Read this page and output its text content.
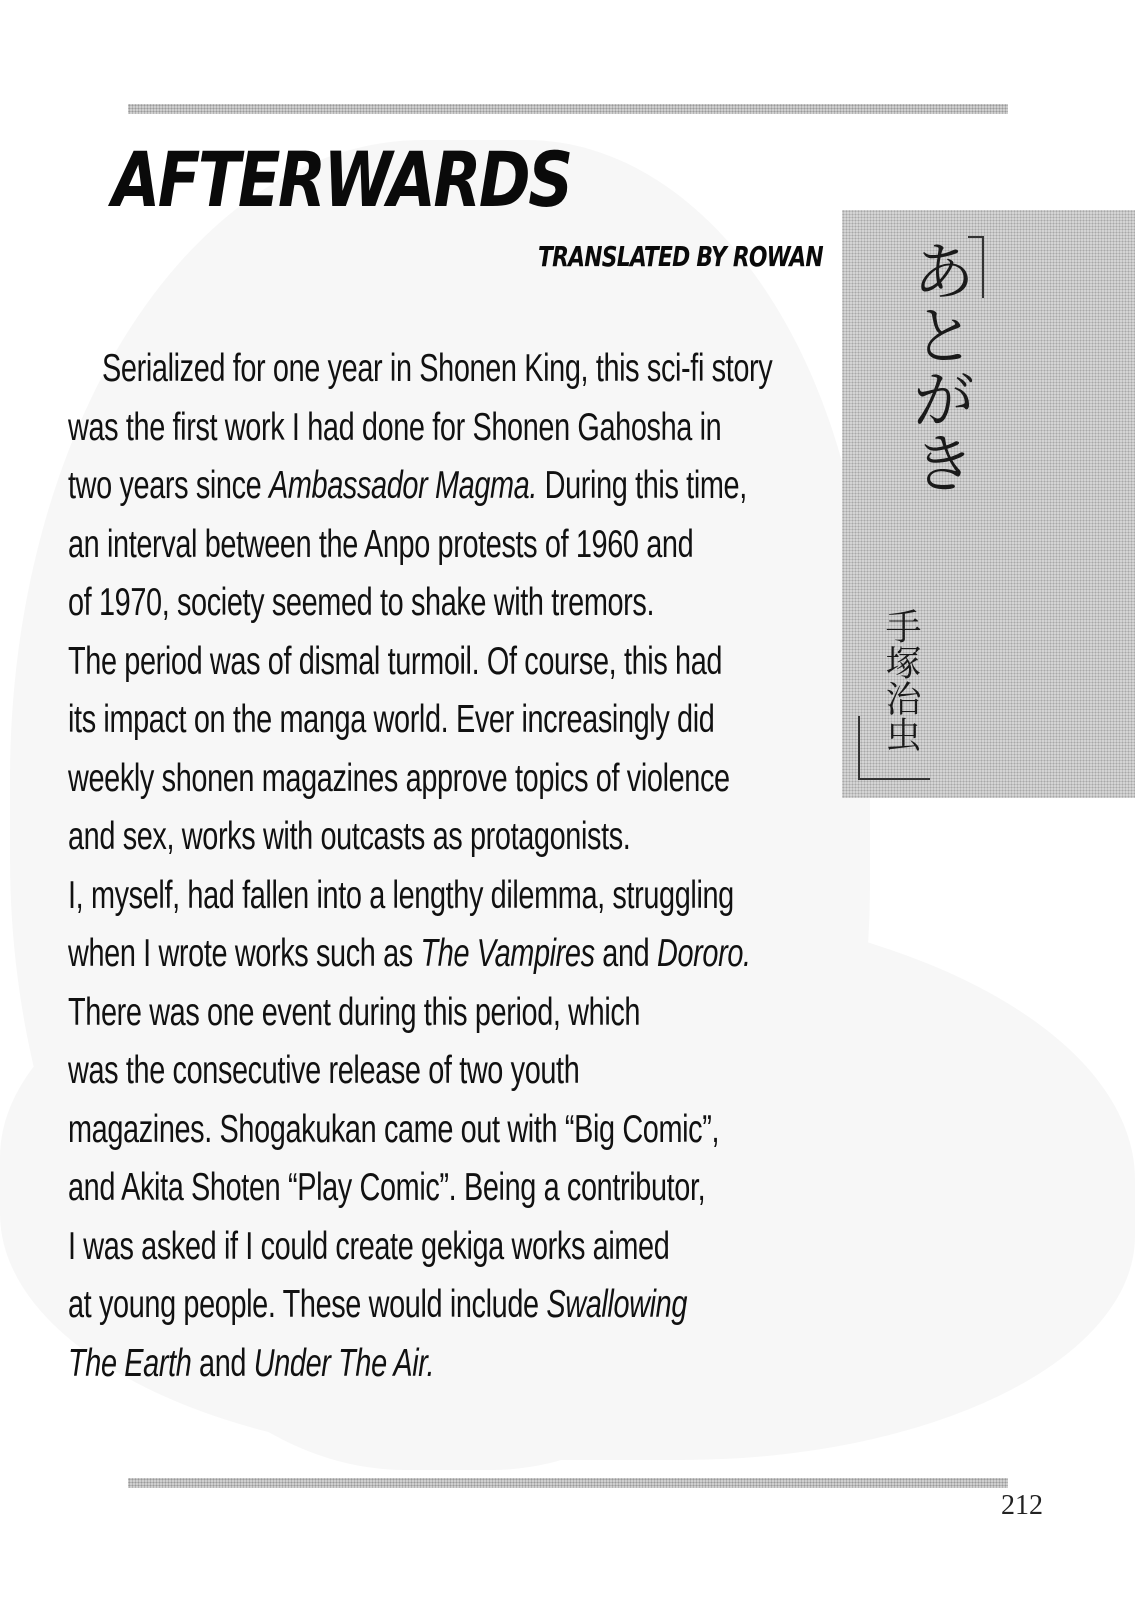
AFTERWARDS
TRANSLATED BY ROWAN あとがき
手塚治虫
Serialized for one year in Shonen King, this sci-fi story
was the first work I had done for Shonen Gahosha in
two years since Ambassador Magma. During this time,
an interval between the Anpo protests of 1960 and
of 1970, society seemed to shake with tremors.
The period was of dismal turmoil. Of course, this had
its impact on the manga world. Ever increasingly did
weekly shonen magazines approve topics of violence
and sex, works with outcasts as protagonists.
I, myself, had fallen into a lengthy dilemma, struggling
when I wrote works such as The Vampires and Dororo.
There was one event during this period, which
was the consecutive release of two youth
magazines. Shogakukan came out with “Big Comic”,
and Akita Shoten “Play Comic”. Being a contributor,
I was asked if I could create gekiga works aimed
at young people. These would include Swallowing
The Earth and Under The Air.
212
